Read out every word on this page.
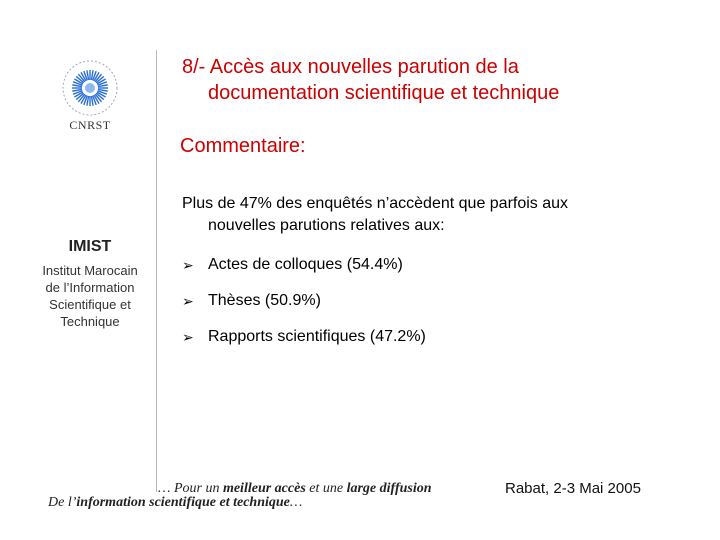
CNRST
IMIST
Institut Marocain
de l’Information
Scientifique et
Technique
8/- Accès aux nouvelles parution de la
documentation scientifique et technique
Commentaire:
Plus de 47% des enquêtés n’accèdent que parfois aux
nouvelles parutions relatives aux:
➢ Actes de colloques (54.4%)
➢ Thèses (50.9%)
➢ Rapports scientifiques (47.2%)
… Pour un meilleur accès et une large diffusion
De l’information scientifique et technique…
Rabat, 2-3 Mai 2005
